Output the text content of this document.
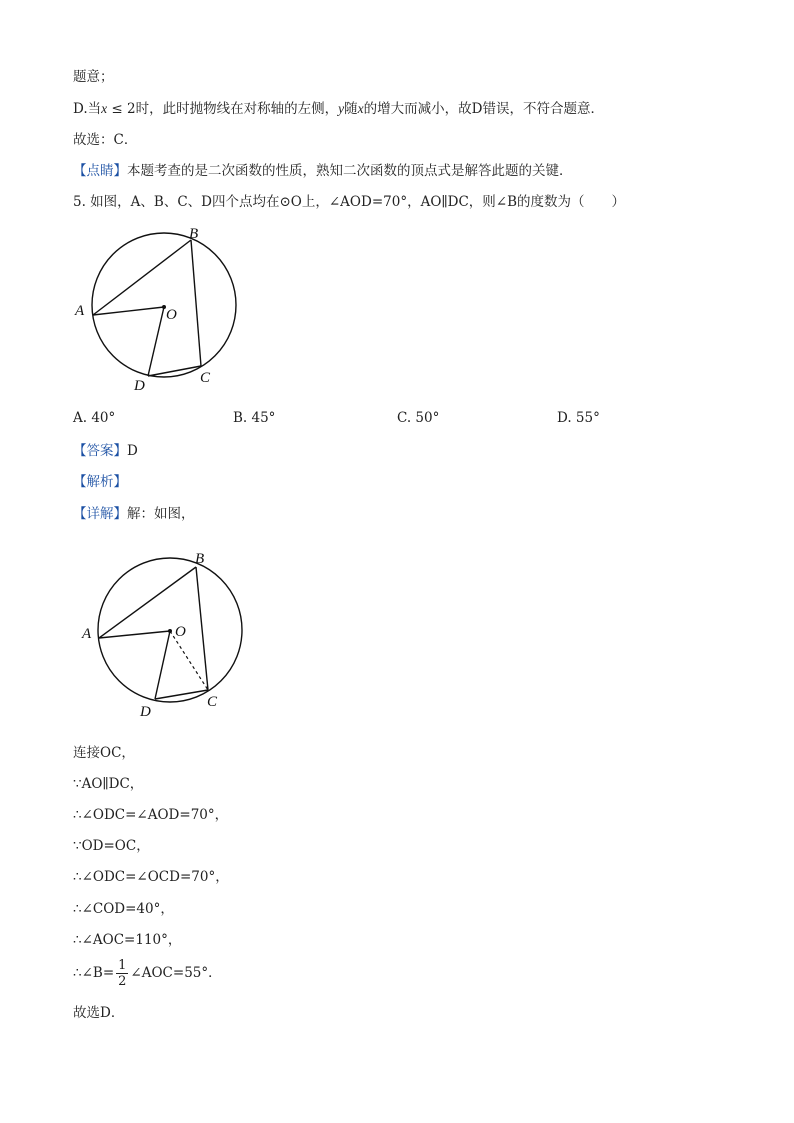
题意；
D.当x ≤ 2时，此时抛物线在对称轴的左侧，y随x的增大而减小，故D错误，不符合题意．
故选：C．
【点睛】本题考查的是二次函数的性质，熟知二次函数的顶点式是解答此题的关键．
5. 如图，A、B、C、D四个点均在⊙O上，∠AOD=70°，AO∥DC，则∠B的度数为（　　）
A
B
C
D
O
A. 40°	B. 45°	C. 50°	D. 55°
【答案】D
【解析】
【详解】解：如图，
A
B
C
D
O
连接OC，
∵AO∥DC，
∴∠ODC=∠AOD=70°，
∵OD=OC，
∴∠ODC=∠OCD=70°，
∴∠COD=40°，
∴∠AOC=110°，
∴∠B= $\frac{1}{2}$ ∠AOC=55°．
故选D．
